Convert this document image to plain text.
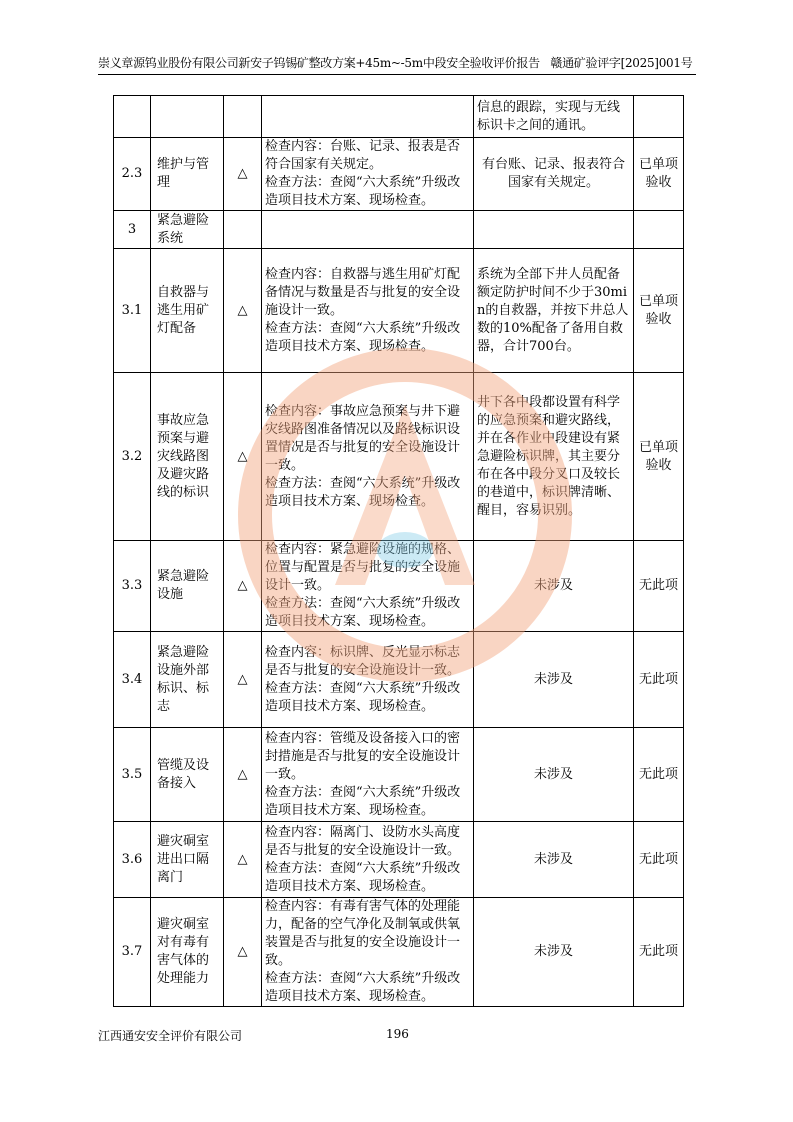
崇义章源钨业股份有限公司新安子钨锡矿整改方案+45m~-5m中段安全验收评价报告 赣通矿验评字[2025]001号
				信息的跟踪，实现与无线标识卡之间的通讯。	
2.3	维护与管理	△	检查内容：台账、记录、报表是否符合国家有关规定。
检查方法：查阅“六大系统”升级改造项目技术方案、现场检查。	有台账、记录、报表符合国家有关规定。	已单项验收
3	紧急避险系统				
3.1	自救器与逃生用矿灯配备	△	检查内容：自救器与逃生用矿灯配备情况与数量是否与批复的安全设施设计一致。
检查方法：查阅“六大系统”升级改造项目技术方案、现场检查。	系统为全部下井人员配备额定防护时间不少于30min的自救器，并按下井总人数的10%配备了备用自救器，合计700台。	已单项验收
3.2	事故应急预案与避灾线路图及避灾路线的标识	△	检查内容：事故应急预案与井下避灾线路图准备情况以及路线标识设置情况是否与批复的安全设施设计一致。
检查方法：查阅“六大系统”升级改造项目技术方案、现场检查。	井下各中段都设置有科学的应急预案和避灾路线，并在各作业中段建设有紧急避险标识牌，其主要分布在各中段分叉口及较长的巷道中，标识牌清晰、醒目，容易识别。	已单项验收
3.3	紧急避险设施	△	检查内容：紧急避险设施的规格、位置与配置是否与批复的安全设施设计一致。
检查方法：查阅“六大系统”升级改造项目技术方案、现场检查。	未涉及	无此项
3.4	紧急避险设施外部标识、标志	△	检查内容：标识牌、反光显示标志是否与批复的安全设施设计一致。
检查方法：查阅“六大系统”升级改造项目技术方案、现场检查。	未涉及	无此项
3.5	管缆及设备接入	△	检查内容：管缆及设备接入口的密封措施是否与批复的安全设施设计一致。
检查方法：查阅“六大系统”升级改造项目技术方案、现场检查。	未涉及	无此项
3.6	避灾硐室进出口隔离门	△	检查内容：隔离门、设防水头高度是否与批复的安全设施设计一致。
检查方法：查阅“六大系统”升级改造项目技术方案、现场检查。	未涉及	无此项
3.7	避灾硐室对有毒有害气体的处理能力	△	检查内容：有毒有害气体的处理能力，配备的空气净化及制氧或供氧装置是否与批复的安全设施设计一致。
检查方法：查阅“六大系统”升级改造项目技术方案、现场检查。	未涉及	无此项
江西通安安全评价有限公司	196
